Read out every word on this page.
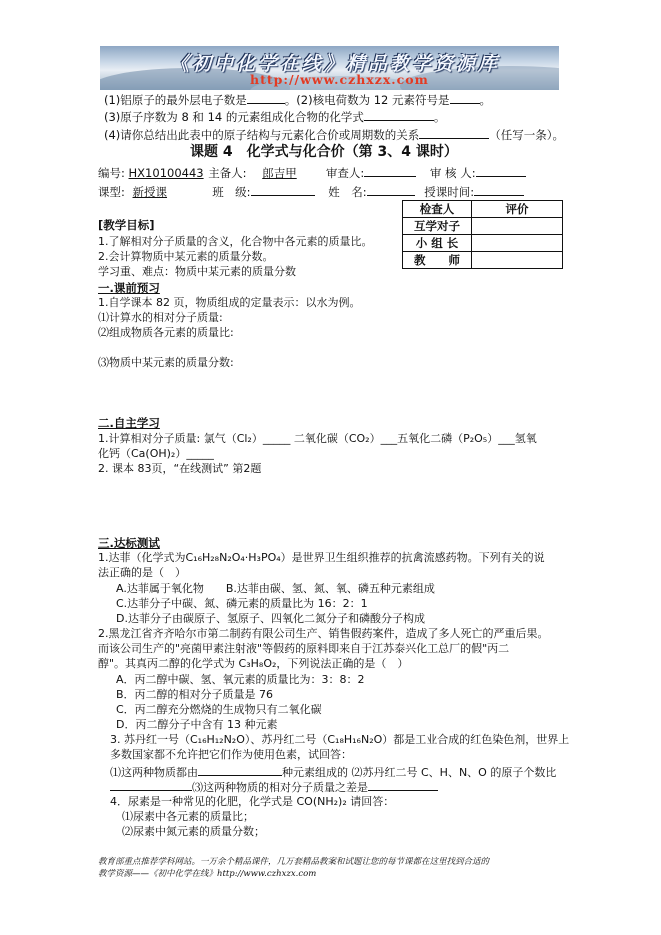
《初中化学在线》精品教学资源库
http://www.czhxzx.com
(1)铝原子的最外层电子数是	。(2)核电荷数为 12 元素符号是	。
(3)原子序数为 8 和 14 的元素组成化合物的化学式	。
(4)请你总结出此表中的原子结构与元素化合价或周期数的关系	（任写一条）。
课题 4　化学式与化合价（第 3、4 课时）
编号: HX10100443 主备人: 郎吉甲	审查人:	审 核 人:
课型: 新授课	班　级:	姓　名:	授课时间:
检查人	评价
互学对子	
小 组 长	
教　　师	
[教学目标]
1.了解相对分子质量的含义，化合物中各元素的质量比。
2.会计算物质中某元素的质量分数。
学习重、难点：物质中某元素的质量分数
一.课前预习
1.自学课本 82 页，物质组成的定量表示：以水为例。
⑴计算水的相对分子质量:
⑵组成物质各元素的质量比:
⑶物质中某元素的质量分数:
二.自主学习
1.计算相对分子质量: 氯气（Cl₂）_____ 二氧化碳（CO₂）___五氧化二磷（P₂O₅）___氢氧
化钙（Ca(OH)₂）_____
2. 课本 83页，“在线测试” 第2题
三.达标测试
1.达菲（化学式为C₁₆H₂₈N₂O₄·H₃PO₄）是世界卫生组织推荐的抗禽流感药物。下列有关的说
法正确的是（　）
A.达菲属于氧化物　　B.达菲由碳、氢、氮、氧、磷五种元素组成
C.达菲分子中碳、氮、磷元素的质量比为 16：2：1
D.达菲分子由碳原子、氢原子、四氧化二氮分子和磷酸分子构成
2.黑龙江省齐齐哈尔市第二制药有限公司生产、销售假药案件，造成了多人死亡的严重后果。
而该公司生产的"亮菌甲素注射液"等假药的原料即来自于江苏泰兴化工总厂的假"丙二
醇"。其真丙二醇的化学式为 C₃H₈O₂，下列说法正确的是（　）
A．丙二醇中碳、氢、氧元素的质量比为：3：8：2
B．丙二醇的相对分子质量是 76
C．丙二醇充分燃烧的生成物只有二氧化碳
D．丙二醇分子中含有 13 种元素
3. 苏丹红一号（C₁₆H₁₂N₂O）、苏丹红二号（C₁₈H₁₆N₂O）都是工业合成的红色染色剂，世界上
多数国家都不允许把它们作为使用色素，试回答：
⑴这两种物质都由	种元素组成的 ⑵苏丹红二号 C、H、N、O 的原子个数比
⑶这两种物质的相对分子质量之差是
4．尿素是一种常见的化肥，化学式是 CO(NH₂)₂ 请回答：
⑴尿素中各元素的质量比；
⑵尿素中氮元素的质量分数；
教育部重点推荐学科网站。一万余个精品课件，几万套精品教案和试题让您的每节课都在这里找到合适的
教学资源——《初中化学在线》http://www.czhxzx.com
